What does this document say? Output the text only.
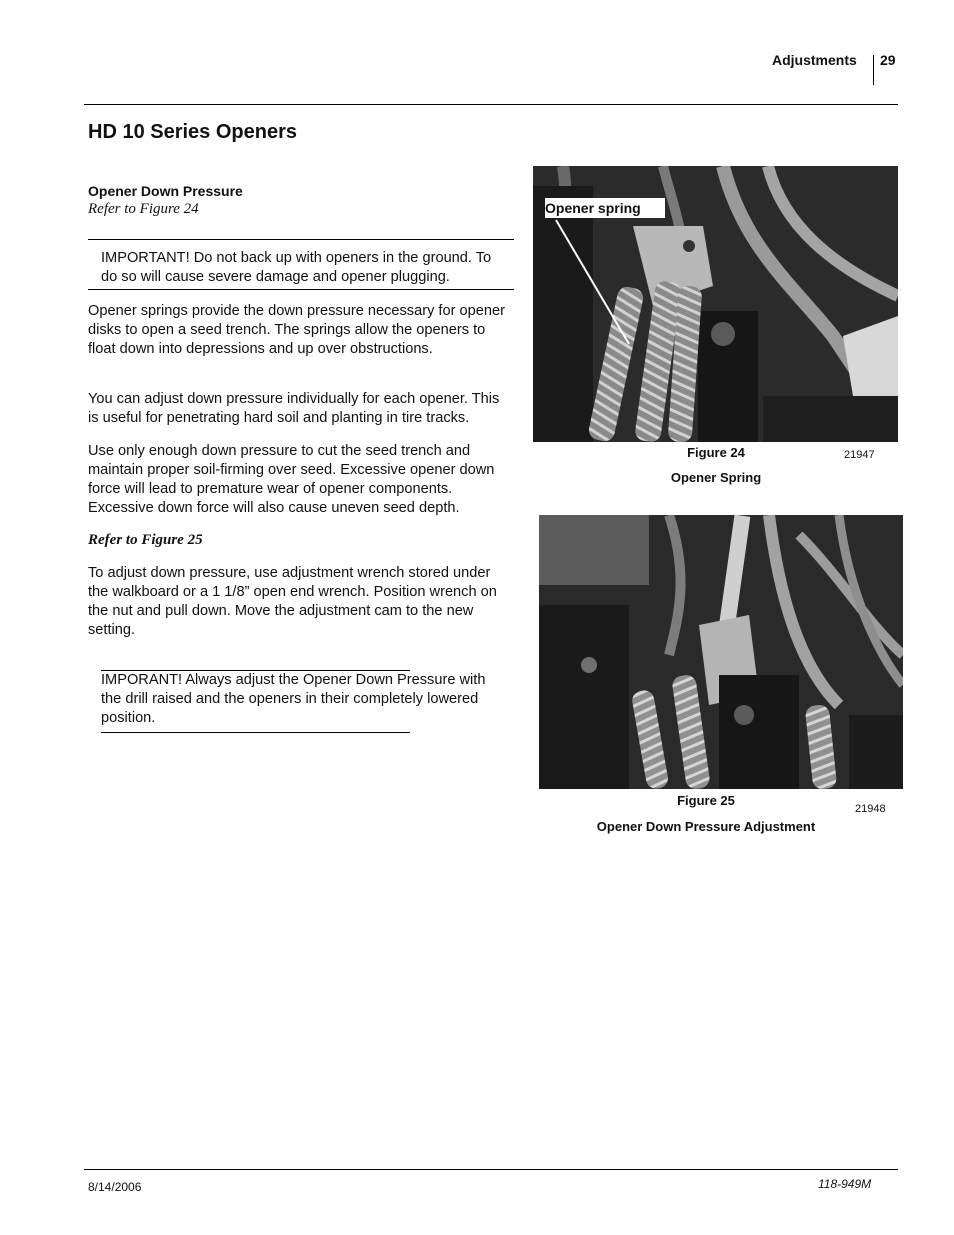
Adjustments 29
HD 10 Series Openers
Opener Down Pressure
Refer to Figure 24
IMPORTANT! Do not back up with openers in the ground. To do so will cause severe damage and opener plugging.
Opener springs provide the down pressure necessary for opener disks to open a seed trench. The springs allow the openers to float down into depressions and up over obstructions.
You can adjust down pressure individually for each opener. This is useful for penetrating hard soil and planting in tire tracks.
Use only enough down pressure to cut the seed trench and maintain proper soil-firming over seed. Excessive opener down force will lead to premature wear of opener components. Excessive down force will also cause uneven seed depth.
Refer to Figure 25
To adjust down pressure, use adjustment wrench stored under the walkboard or a 1 1/8” open end wrench. Position wrench on the nut and pull down. Move the adjustment cam to the new setting.
IMPORANT! Always adjust the Opener Down Pressure with the drill raised and the openers in their completely lowered position.
Opener spring
Figure 24	21947
Opener Spring
Figure 25
21948
Opener Down Pressure Adjustment
8/14/2006	118-949M
